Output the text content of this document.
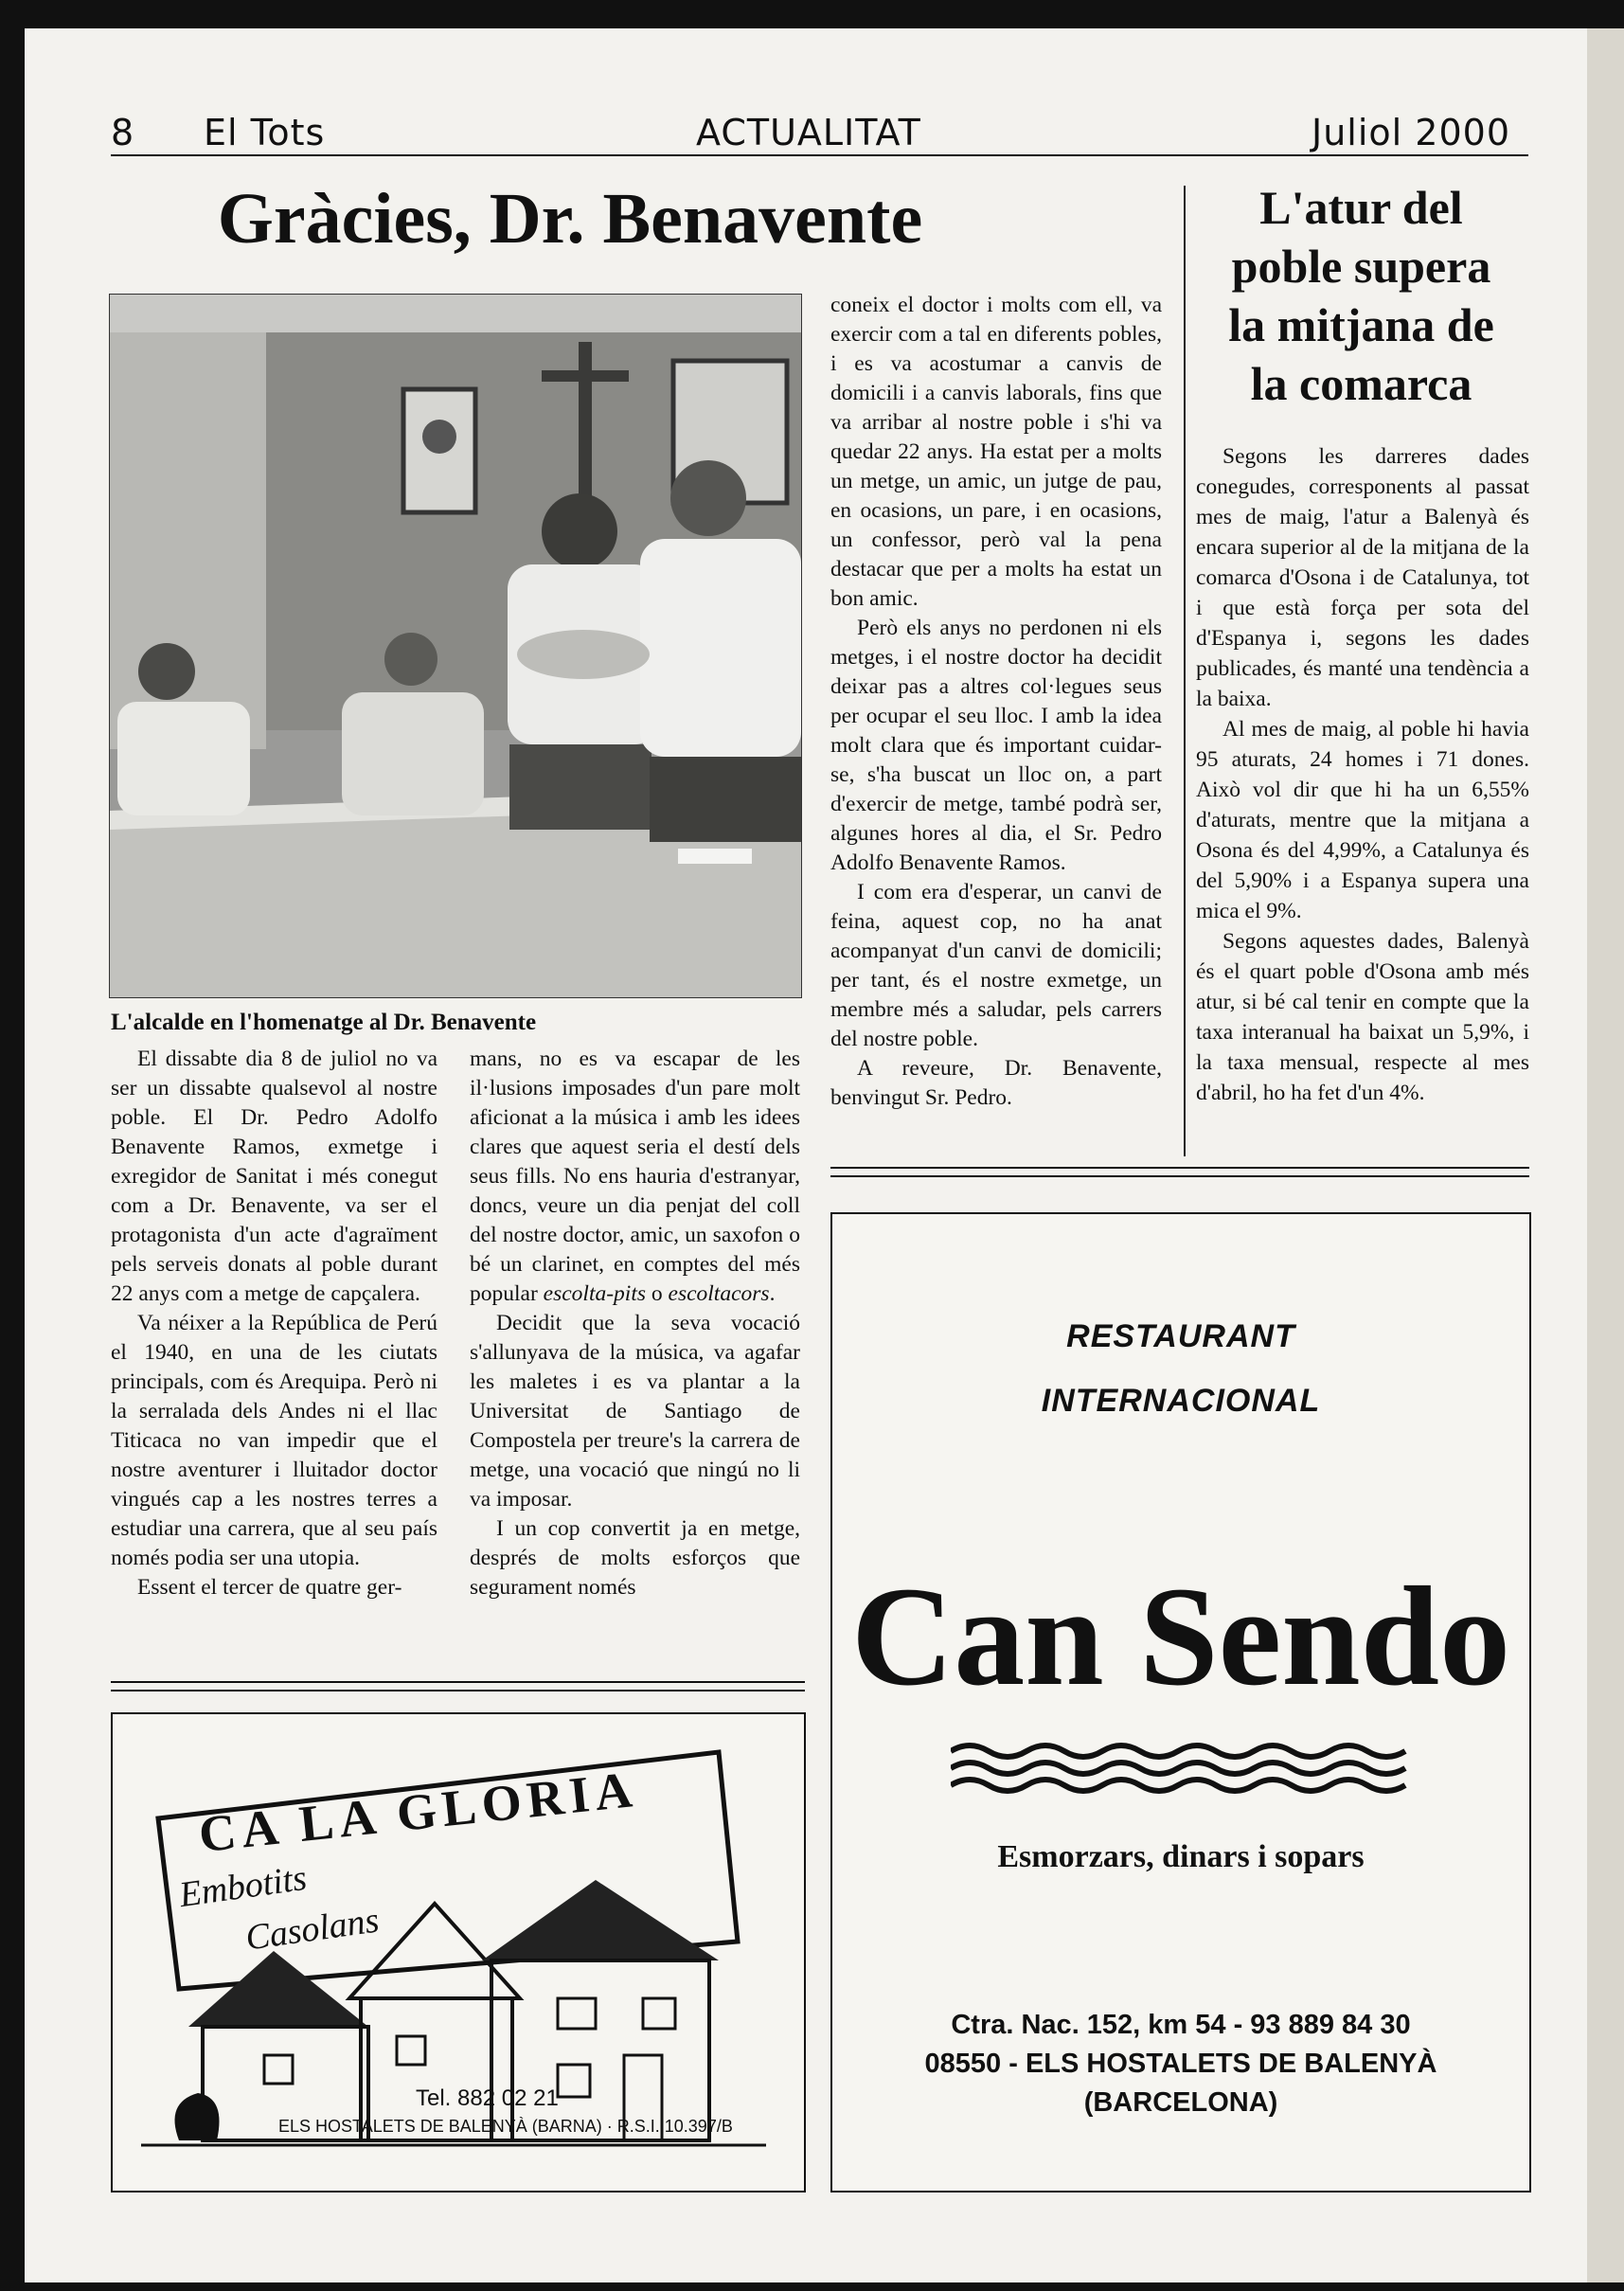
8 El Tots	ACTUALITAT	Juliol 2000
Gràcies, Dr. Benavente
L'alcalde en l'homenatge al Dr. Benavente

El dissabte dia 8 de juliol no va ser un dissabte qualsevol al nostre poble. El Dr. Pedro Adolfo Benavente Ramos, exmetge i exregidor de Sanitat i més conegut com a Dr. Benavente, va ser el protagonista d'un acte d'agraïment pels serveis donats al poble durant 22 anys com a metge de capçalera.

Va néixer a la República de Perú el 1940, en una de les ciutats principals, com és Arequipa. Però ni la serralada dels Andes ni el llac Titicaca no van impedir que el nostre aventurer i lluitador doctor vingués cap a les nostres terres a estudiar una carrera, que al seu país només podia ser una utopia.

Essent el tercer de quatre ger-

mans, no es va escapar de les il·lusions imposades d'un pare molt aficionat a la música i amb les idees clares que aquest seria el destí dels seus fills. No ens hauria d'estranyar, doncs, veure un dia penjat del coll del nostre doctor, amic, un saxofon o bé un clarinet, en comptes del més popular escolta-pits o escoltacors.

Decidit que la seva vocació s'allunyava de la música, va agafar les maletes i es va plantar a la Universitat de Santiago de Compostela per treure's la carrera de metge, una vocació que ningú no li va imposar.

I un cop convertit ja en metge, després de molts esforços que segurament només

coneix el doctor i molts com ell, va exercir com a tal en diferents pobles, i es va acostumar a canvis de domicili i a canvis laborals, fins que va arribar al nostre poble i s'hi va quedar 22 anys. Ha estat per a molts un metge, un amic, un jutge de pau, en ocasions, un pare, i en ocasions, un confessor, però val la pena destacar que per a molts ha estat un bon amic.

Però els anys no perdonen ni els metges, i el nostre doctor ha decidit deixar pas a altres col·legues seus per ocupar el seu lloc. I amb la idea molt clara que és important cuidar-se, s'ha buscat un lloc on, a part d'exercir de metge, també podrà ser, algunes hores al dia, el Sr. Pedro Adolfo Benavente Ramos.

I com era d'esperar, un canvi de feina, aquest cop, no ha anat acompanyat d'un canvi de domicili; per tant, és el nostre exmetge, un membre més a saludar, pels carrers del nostre poble.

A reveure, Dr. Benavente, benvingut Sr. Pedro.

L'atur del
poble supera
la mitjana de
la comarca

Segons les darreres dades conegudes, corresponents al passat mes de maig, l'atur a Balenyà és encara superior al de la mitjana de la comarca d'Osona i de Catalunya, tot i que està força per sota del d'Espanya i, segons les dades publicades, és manté una tendència a la baixa.

Al mes de maig, al poble hi havia 95 aturats, 24 homes i 71 dones. Això vol dir que hi ha un 6,55% d'aturats, mentre que la mitjana a Osona és del 4,99%, a Catalunya és del 5,90% i a Espanya supera una mica el 9%.

Segons aquestes dades, Balenyà és el quart poble d'Osona amb més atur, si bé cal tenir en compte que la taxa interanual ha baixat un 5,9%, i la taxa mensual, respecte al mes d'abril, ho ha fet d'un 4%.

CA LA GLORIA
Embotits
Casolans
Tel. 882 02 21
ELS HOSTALETS DE BALENYÀ (BARNA) · R.S.I. 10.397/B
RESTAURANT
INTERNACIONAL
Can Sendo
Esmorzars, dinars i sopars
Ctra. Nac. 152, km 54 - 93 889 84 30
08550 - ELS HOSTALETS DE BALENYÀ
(BARCELONA)
